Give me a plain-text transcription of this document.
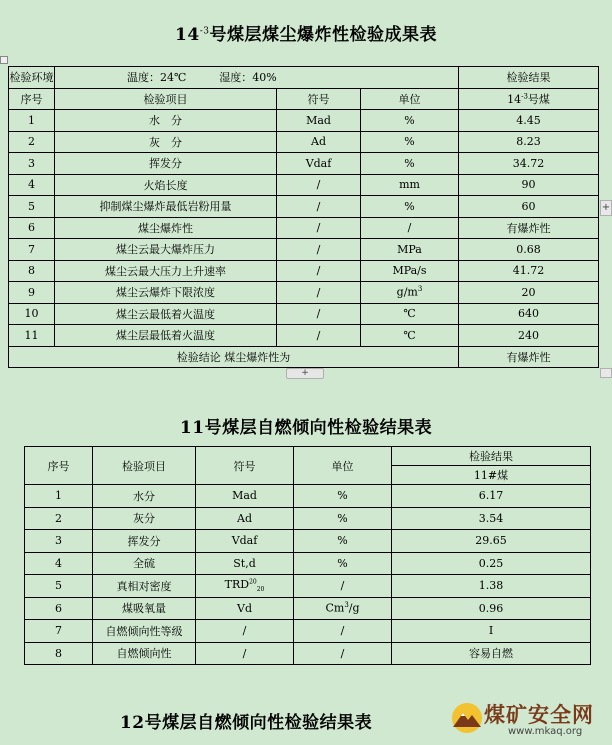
$14^{-3}$号煤层煤尘爆炸性检验成果表
检验环境	温度：24℃　　　湿度：40%			检验结果
序号	检验项目	符号	单位	$14^{-3}$号煤
1	水　分	Mad	%	4.45
2	灰　分	Ad	%	8.23
3	挥发分	Vdaf	%	34.72
4	火焰长度	/	mm	90
5	抑制煤尘爆炸最低岩粉用量	/	%	60
6	煤尘爆炸性	/	/	有爆炸性
7	煤尘云最大爆炸压力	/	MPa	0.68
8	煤尘云最大压力上升速率	/	MPa/s	41.72
9	煤尘云爆炸下限浓度	/	$g/m^3$	20
10	煤尘云最低着火温度	/	℃	640
11	煤尘层最低着火温度	/	℃	240
检验结论 煤尘爆炸性为				有爆炸性
+
+
11号煤层自燃倾向性检验结果表
序号	检验项目	符号	单位	检验结果
				11#煤
1	水分	Mad	%	6.17
2	灰分	Ad	%	3.54
3	挥发分	Vdaf	%	29.65
4	全硫	St,d	%	0.25
5	真相对密度	$TRD^{20}_{20}$	/	1.38
6	煤吸氧量	Vd	Cm$^3$/g	0.96
7	自燃倾向性等级	/	/	I
8	自燃倾向性	/	/	容易自燃
12号煤层自燃倾向性检验结果表	煤矿安全网
www.mkaq.org
